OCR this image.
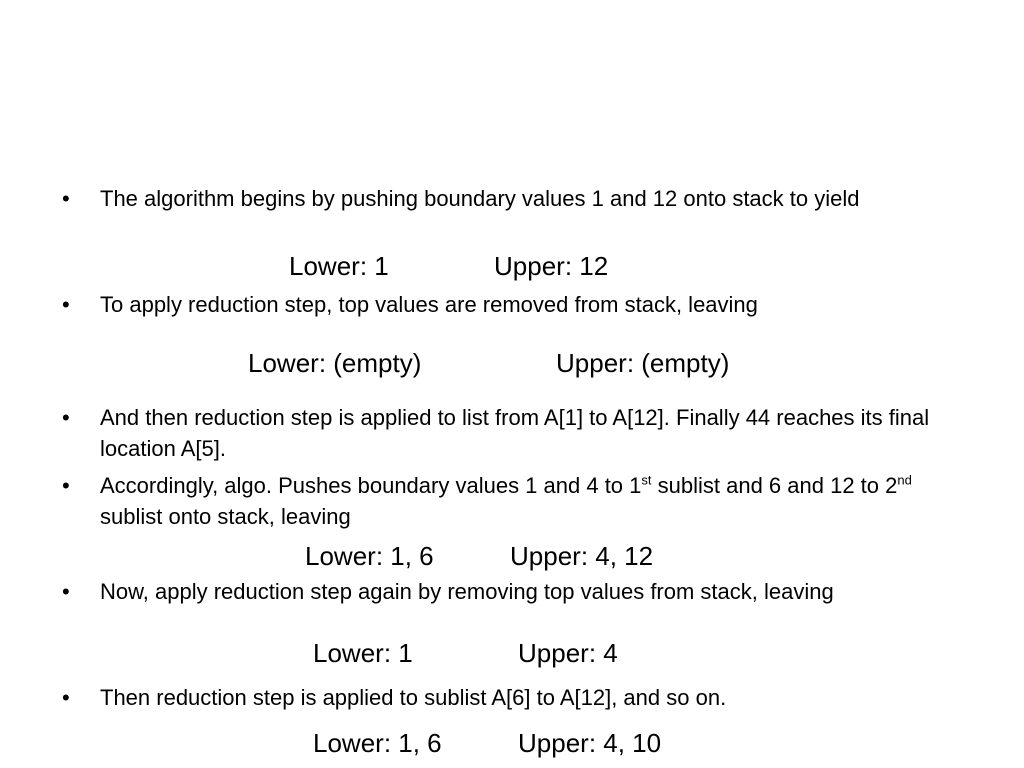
•	The algorithm begins by pushing boundary values 1 and 12 onto stack to yield
Lower: 1	Upper: 12
•	To apply reduction step, top values are removed from stack, leaving
Lower: (empty)	Upper: (empty)
•	And then reduction step is applied to list from A[1] to A[12]. Finally 44 reaches its final location A[5].
•	Accordingly, algo. Pushes boundary values 1 and 4 to 1st sublist and 6 and 12 to 2nd sublist onto stack, leaving
Lower: 1, 6	Upper: 4, 12
•	Now, apply reduction step again by removing top values from stack, leaving
Lower: 1	Upper: 4
•	Then reduction step is applied to sublist A[6] to A[12], and so on.
Lower: 1, 6	Upper: 4, 10
